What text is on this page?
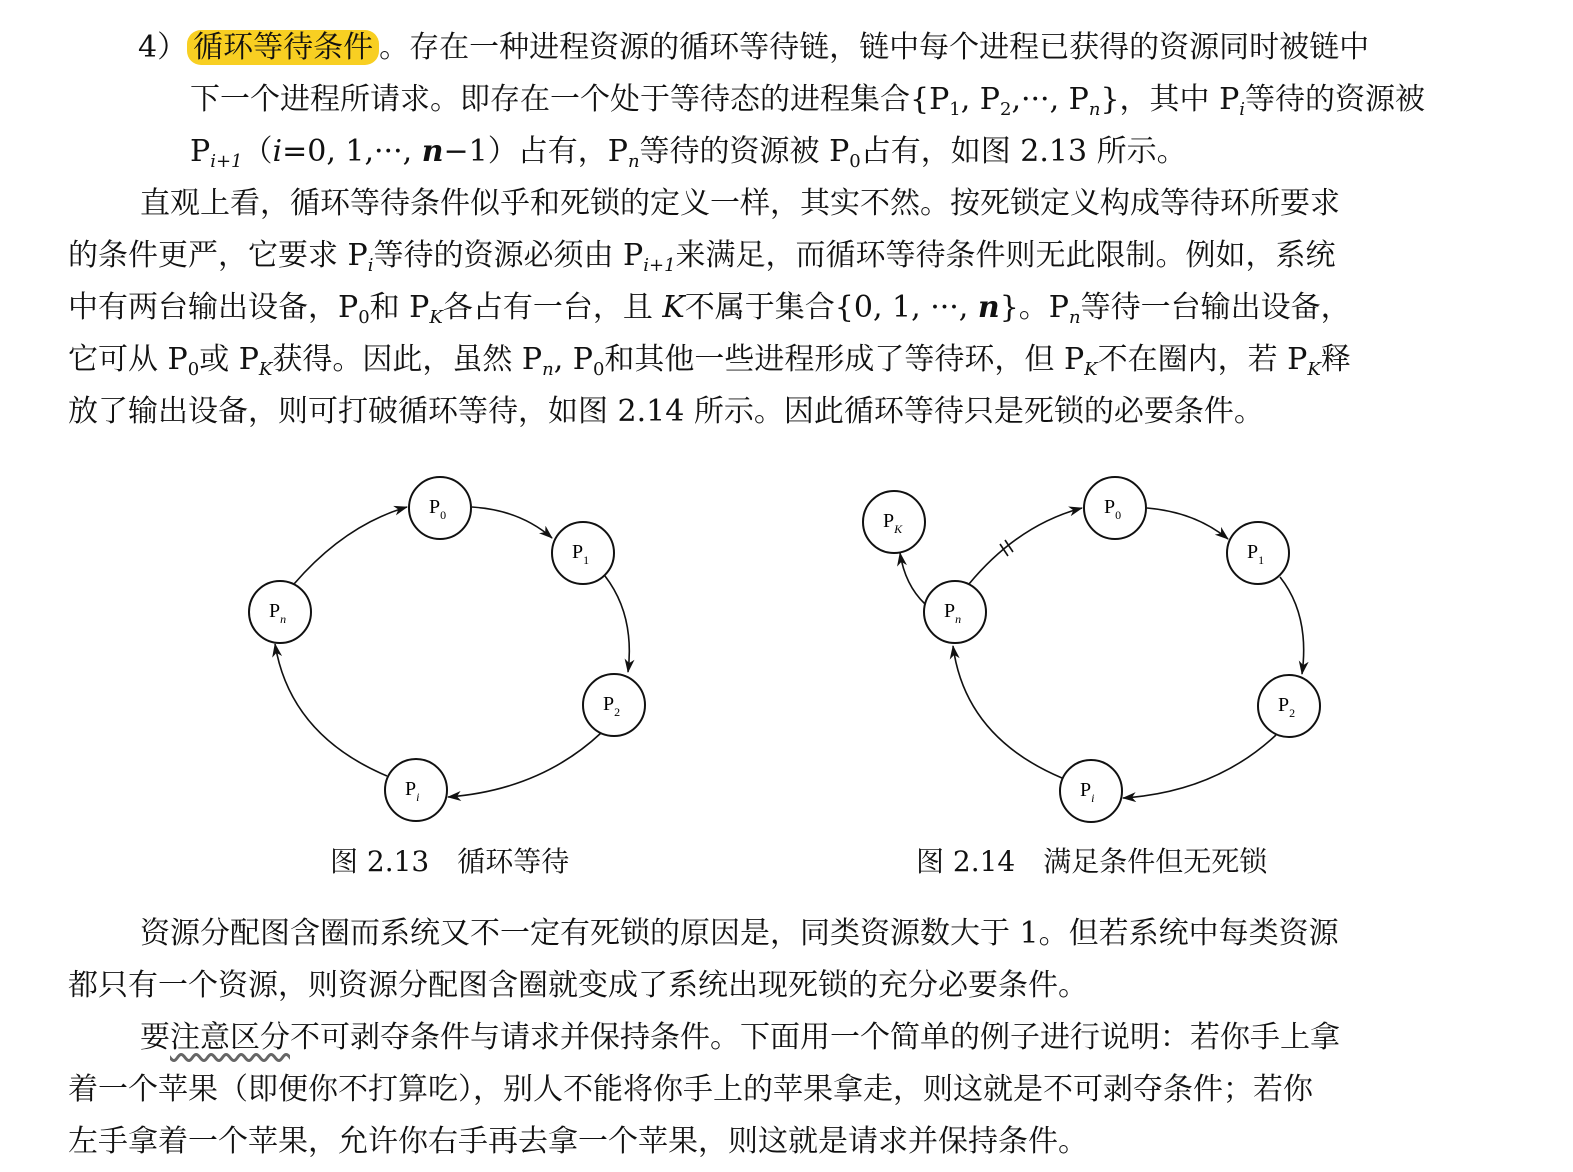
4） 循环等待条件 。存在一种进程资源的循环等待链，链中每个进程已获得的资源同时被链中
下一个进程所请求。即存在一个处于等待态的进程集合{$P_1$, $P_2,\cdot\cdot\cdot$, $P_n$}，其中 $P_i$等待的资源被
$P_{i+1}(i=0$, 1,···, n−1）占有，$P_n$等待的资源被 $P_0$占有，如图 2.13 所示。
直观上看，循环等待条件似乎和死锁的定义一样，其实不然。按死锁定义构成等待环所要求
的条件更严，它要求 $P_i$等待的资源必须由 $P_{i+1}$来满足，而循环等待条件则无此限制。例如，系统
中有两台输出设备，$P_0$和 $P_K$各占有一台，且 K不属于集合{0, 1, ···, n}。$P_n$等待一台输出设备，
它可从 $P_0$或 $P_K$获得。因此，虽然 $P_n$, $P_0$和其他一些进程形成了等待环，但 $P_K$不在圈内，若 $P_K$释
放了输出设备，则可打破循环等待，如图 2.14 所示。因此循环等待只是死锁的必要条件。
$P_0$
$P_1$
$P_2$
$P_i$
$P_n$
$P_0$
$P_1$
$P_2$
$P_i$
$P_n$
$P_K$
图 2.13　循环等待	图 2.14　满足条件但无死锁
资源分配图含圈而系统又不一定有死锁的原因是，同类资源数大于 1。但若系统中每类资源
都只有一个资源，则资源分配图含圈就变成了系统出现死锁的充分必要条件。
要注意区分不可剥夺条件与请求并保持条件。下面用一个简单的例子进行说明：若你手上拿
着一个苹果（即便你不打算吃），别人不能将你手上的苹果拿走，则这就是不可剥夺条件；若你
左手拿着一个苹果，允许你右手再去拿一个苹果，则这就是请求并保持条件。
